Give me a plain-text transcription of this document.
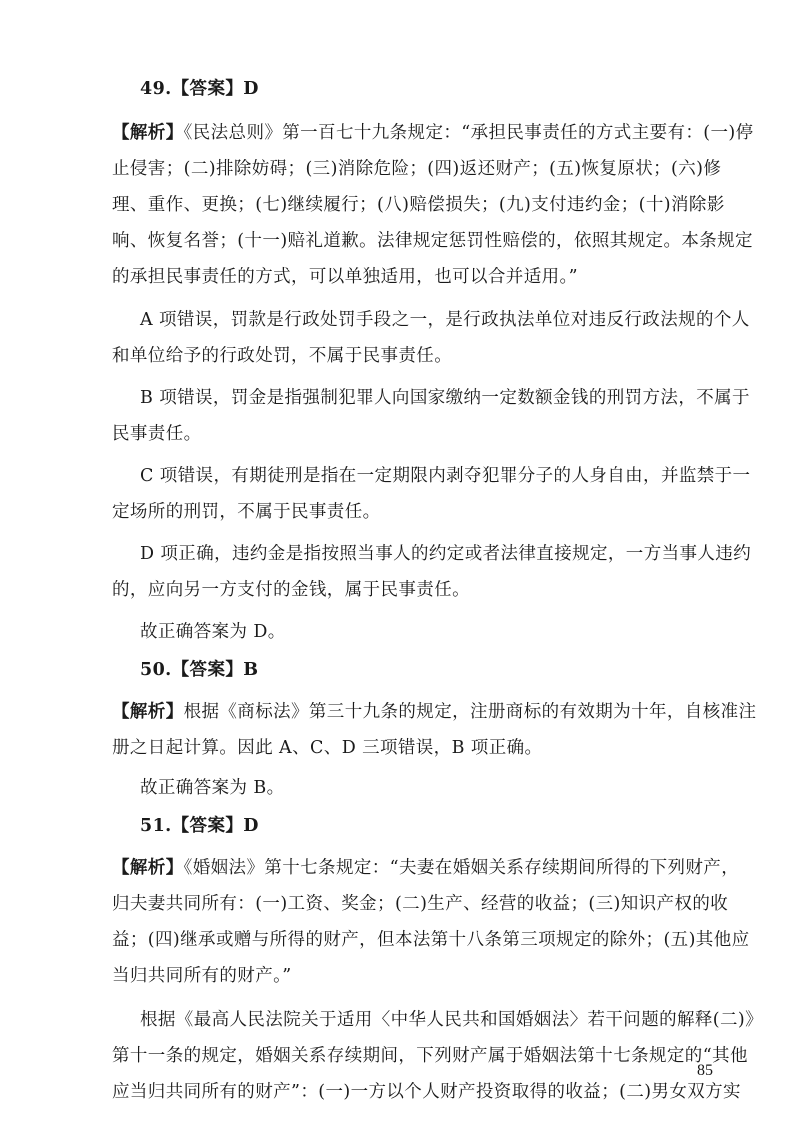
49.【答案】D
【解析】《民法总则》第一百七十九条规定：“承担民事责任的方式主要有：(一)停
止侵害；(二)排除妨碍；(三)消除危险；(四)返还财产；(五)恢复原状；(六)修
理、重作、更换；(七)继续履行；(八)赔偿损失；(九)支付违约金；(十)消除影
响、恢复名誉；(十一)赔礼道歉。法律规定惩罚性赔偿的，依照其规定。本条规定
的承担民事责任的方式，可以单独适用，也可以合并适用。”
A 项错误，罚款是行政处罚手段之一，是行政执法单位对违反行政法规的个人
和单位给予的行政处罚，不属于民事责任。
B 项错误，罚金是指强制犯罪人向国家缴纳一定数额金钱的刑罚方法，不属于
民事责任。
C 项错误，有期徒刑是指在一定期限内剥夺犯罪分子的人身自由，并监禁于一
定场所的刑罚，不属于民事责任。
D 项正确，违约金是指按照当事人的约定或者法律直接规定，一方当事人违约
的，应向另一方支付的金钱，属于民事责任。
故正确答案为 D。
50.【答案】B
【解析】根据《商标法》第三十九条的规定，注册商标的有效期为十年，自核准注
册之日起计算。因此 A、C、D 三项错误，B 项正确。
故正确答案为 B。
51.【答案】D
【解析】《婚姻法》第十七条规定：“夫妻在婚姻关系存续期间所得的下列财产，
归夫妻共同所有：(一)工资、奖金；(二)生产、经营的收益；(三)知识产权的收
益；(四)继承或赠与所得的财产，但本法第十八条第三项规定的除外；(五)其他应
当归共同所有的财产。”
根据《最高人民法院关于适用〈中华人民共和国婚姻法〉若干问题的解释(二)》
第十一条的规定，婚姻关系存续期间，下列财产属于婚姻法第十七条规定的“其他
应当归共同所有的财产”：(一)一方以个人财产投资取得的收益；(二)男女双方实
85
